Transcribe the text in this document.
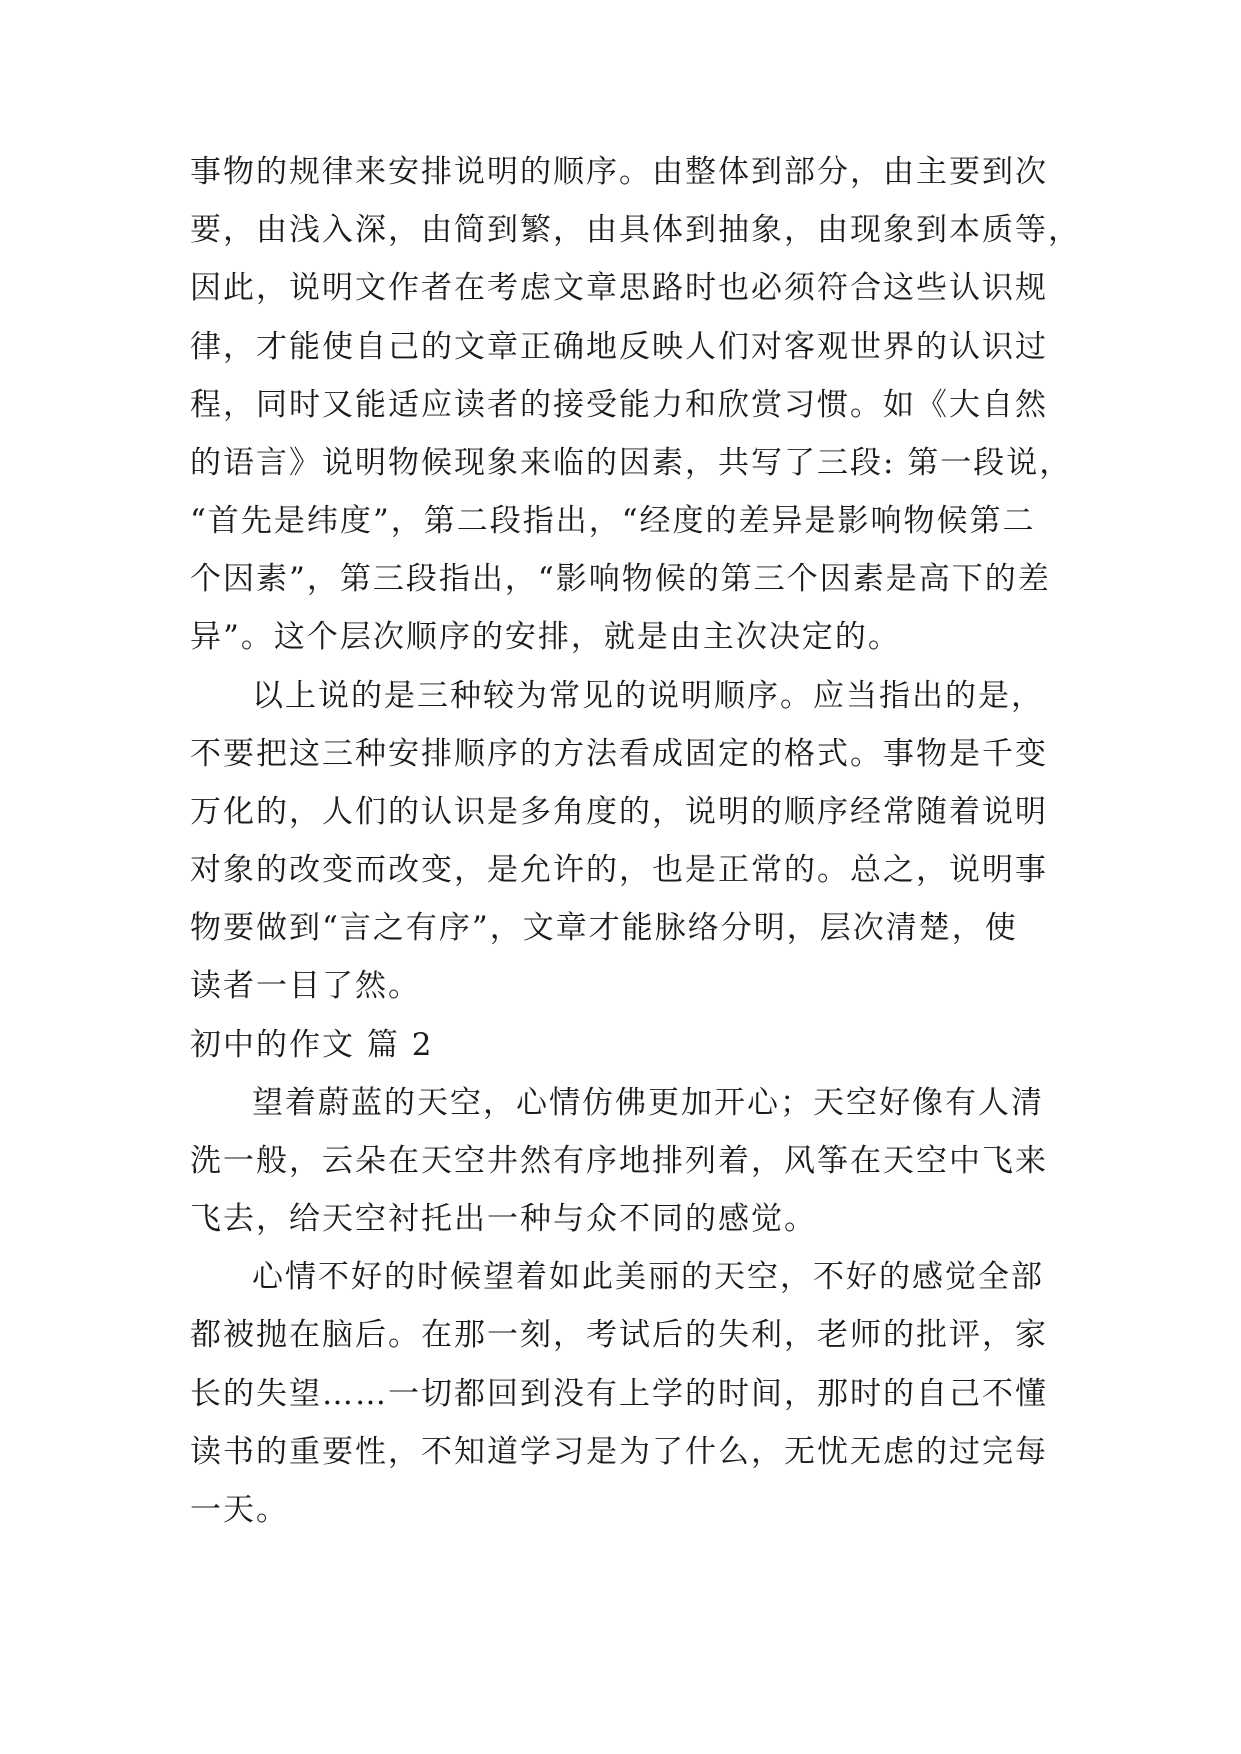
事物的规律来安排说明的顺序。由整体到部分，由主要到次
要，由浅入深，由简到繁，由具体到抽象，由现象到本质等，
因此，说明文作者在考虑文章思路时也必须符合这些认识规
律，才能使自己的文章正确地反映人们对客观世界的认识过
程，同时又能适应读者的接受能力和欣赏习惯。如《大自然
的语言》说明物候现象来临的因素，共写了三段: 第一段说，
“首先是纬度”，第二段指出，“经度的差异是影响物候第二
个因素”，第三段指出，“影响物候的第三个因素是高下的差
异”。这个层次顺序的安排，就是由主次决定的。
以上说的是三种较为常见的说明顺序。应当指出的是，
不要把这三种安排顺序的方法看成固定的格式。事物是千变
万化的，人们的认识是多角度的，说明的顺序经常随着说明
对象的改变而改变，是允许的，也是正常的。总之，说明事
物要做到“言之有序”，文章才能脉络分明，层次清楚，使
读者一目了然。
初中的作文 篇 2
望着蔚蓝的天空，心情仿佛更加开心；天空好像有人清
洗一般，云朵在天空井然有序地排列着，风筝在天空中飞来
飞去，给天空衬托出一种与众不同的感觉。
心情不好的时候望着如此美丽的天空，不好的感觉全部
都被抛在脑后。在那一刻，考试后的失利，老师的批评，家
长的失望……一切都回到没有上学的时间，那时的自己不懂
读书的重要性，不知道学习是为了什么，无忧无虑的过完每
一天。
